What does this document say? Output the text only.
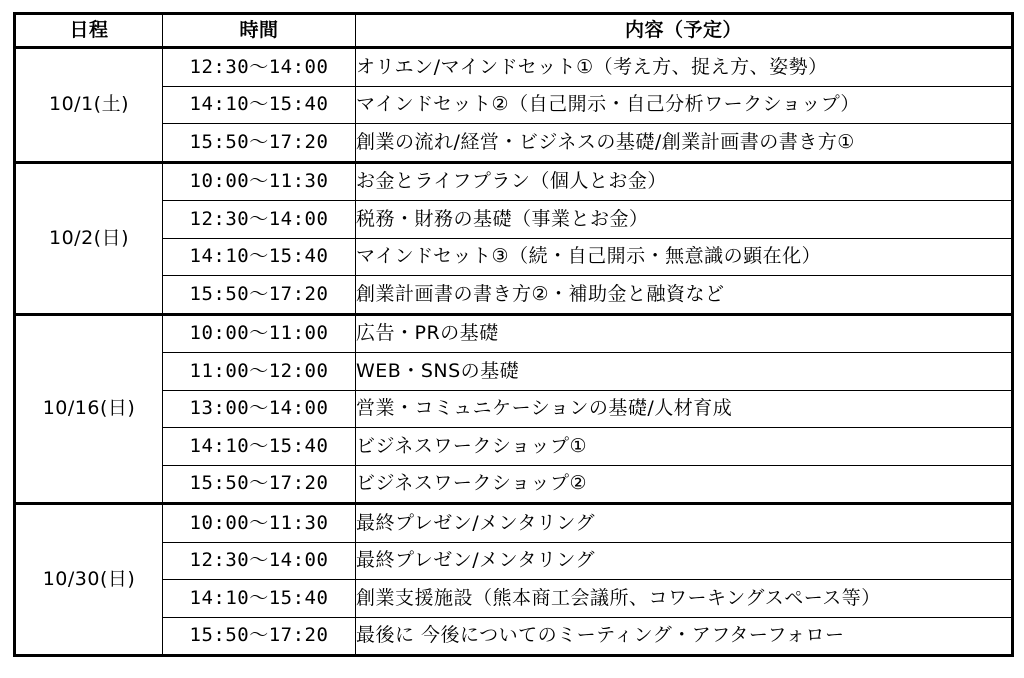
日程	時間	内容（予定）
10/1(土)	12:30〜14:00	オリエン/マインドセット①（考え方、捉え方、姿勢）
	14:10〜15:40	マインドセット②（自己開示・自己分析ワークショップ）
	15:50〜17:20	創業の流れ/経営・ビジネスの基礎/創業計画書の書き方①
10/2(日)	10:00〜11:30	お金とライフプラン（個人とお金）
	12:30〜14:00	税務・財務の基礎（事業とお金）
	14:10〜15:40	マインドセット③（続・自己開示・無意識の顕在化）
	15:50〜17:20	創業計画書の書き方②・補助金と融資など
10/16(日)	10:00〜11:00	広告・PRの基礎
	11:00〜12:00	WEB・SNSの基礎
	13:00〜14:00	営業・コミュニケーションの基礎/人材育成
	14:10〜15:40	ビジネスワークショップ①
	15:50〜17:20	ビジネスワークショップ②
10/30(日)	10:00〜11:30	最終プレゼン/メンタリング
	12:30〜14:00	最終プレゼン/メンタリング
	14:10〜15:40	創業支援施設（熊本商工会議所、コワーキングスペース等）
	15:50〜17:20	最後に 今後についてのミーティング・アフターフォロー
